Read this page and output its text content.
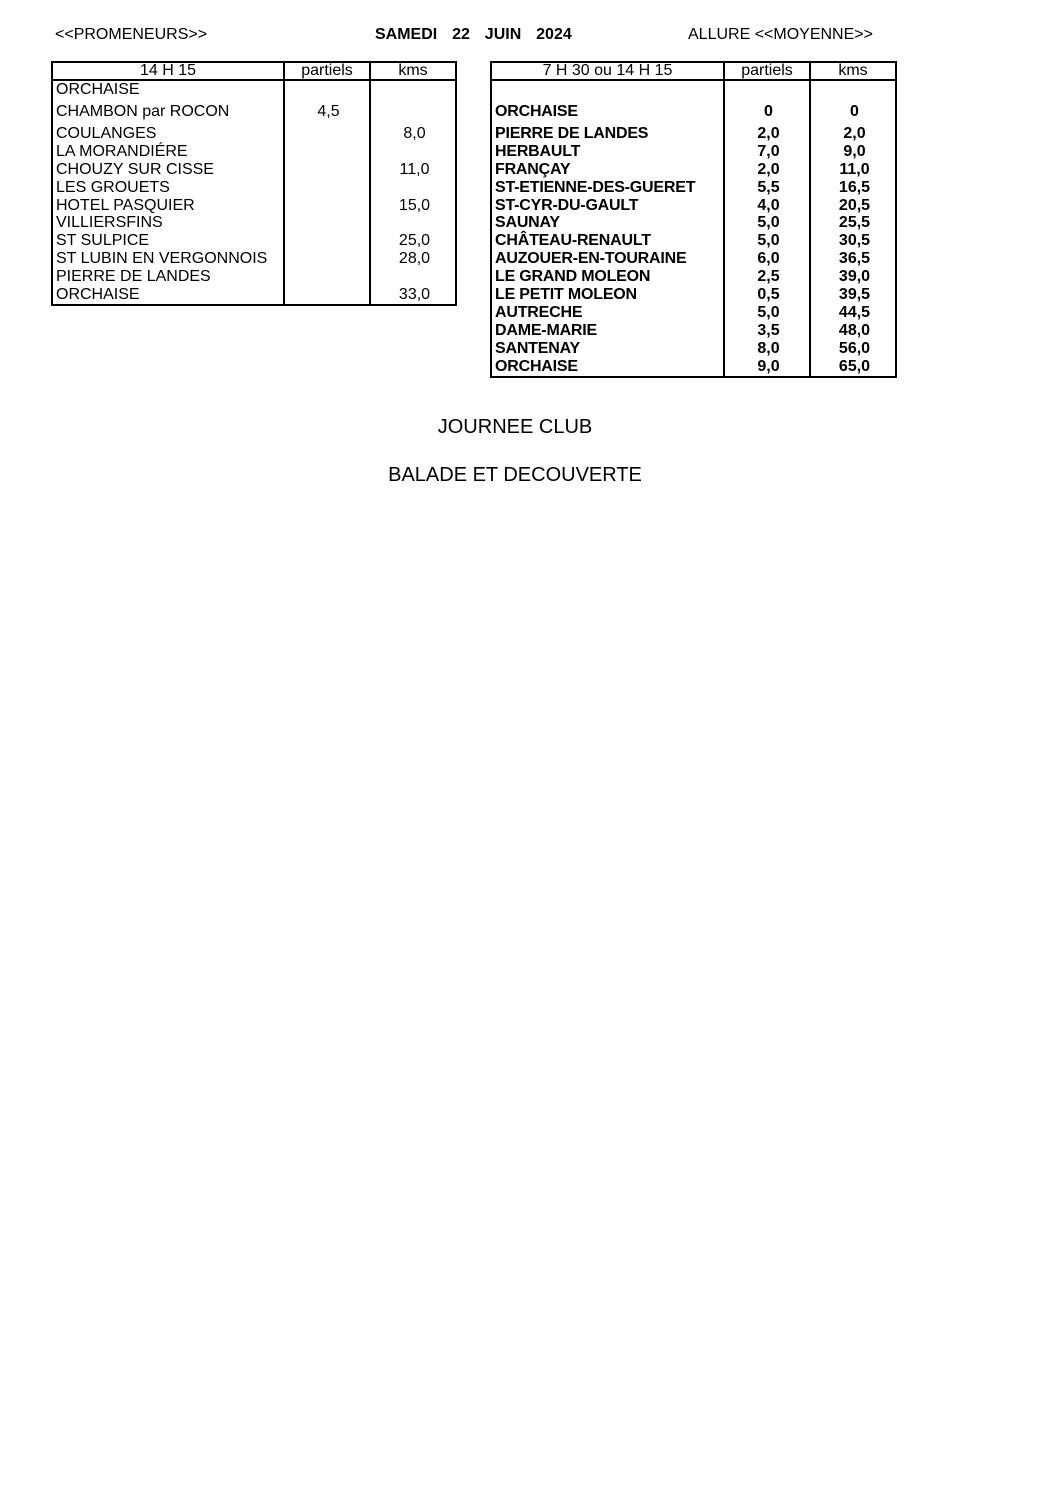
<<PROMENEURS>>	SAMEDI  22  JUIN  2024	ALLURE <<MOYENNE>>
14 H 15	partiels	kms
ORCHAISE		
CHAMBON par ROCON	4,5	
COULANGES		8,0
LA MORANDIÉRE		
CHOUZY SUR CISSE		11,0
LES GROUETS		
HOTEL PASQUIER		15,0
VILLIERSFINS		
ST SULPICE		25,0
ST LUBIN EN VERGONNOIS		28,0
PIERRE DE LANDES		
ORCHAISE		33,0
7 H 30 ou 14 H 15	partiels	kms

ORCHAISE	0	0
PIERRE DE LANDES	2,0	2,0
HERBAULT	7,0	9,0
FRANÇAY	2,0	11,0
ST-ETIENNE-DES-GUERET	5,5	16,5
ST-CYR-DU-GAULT	4,0	20,5
SAUNAY	5,0	25,5
CHÂTEAU-RENAULT	5,0	30,5
AUZOUER-EN-TOURAINE	6,0	36,5
LE GRAND MOLEON	2,5	39,0
LE PETIT MOLEON	0,5	39,5
AUTRECHE	5,0	44,5
DAME-MARIE	3,5	48,0
SANTENAY	8,0	56,0
ORCHAISE	9,0	65,0
JOURNEE CLUB
BALADE ET DECOUVERTE
